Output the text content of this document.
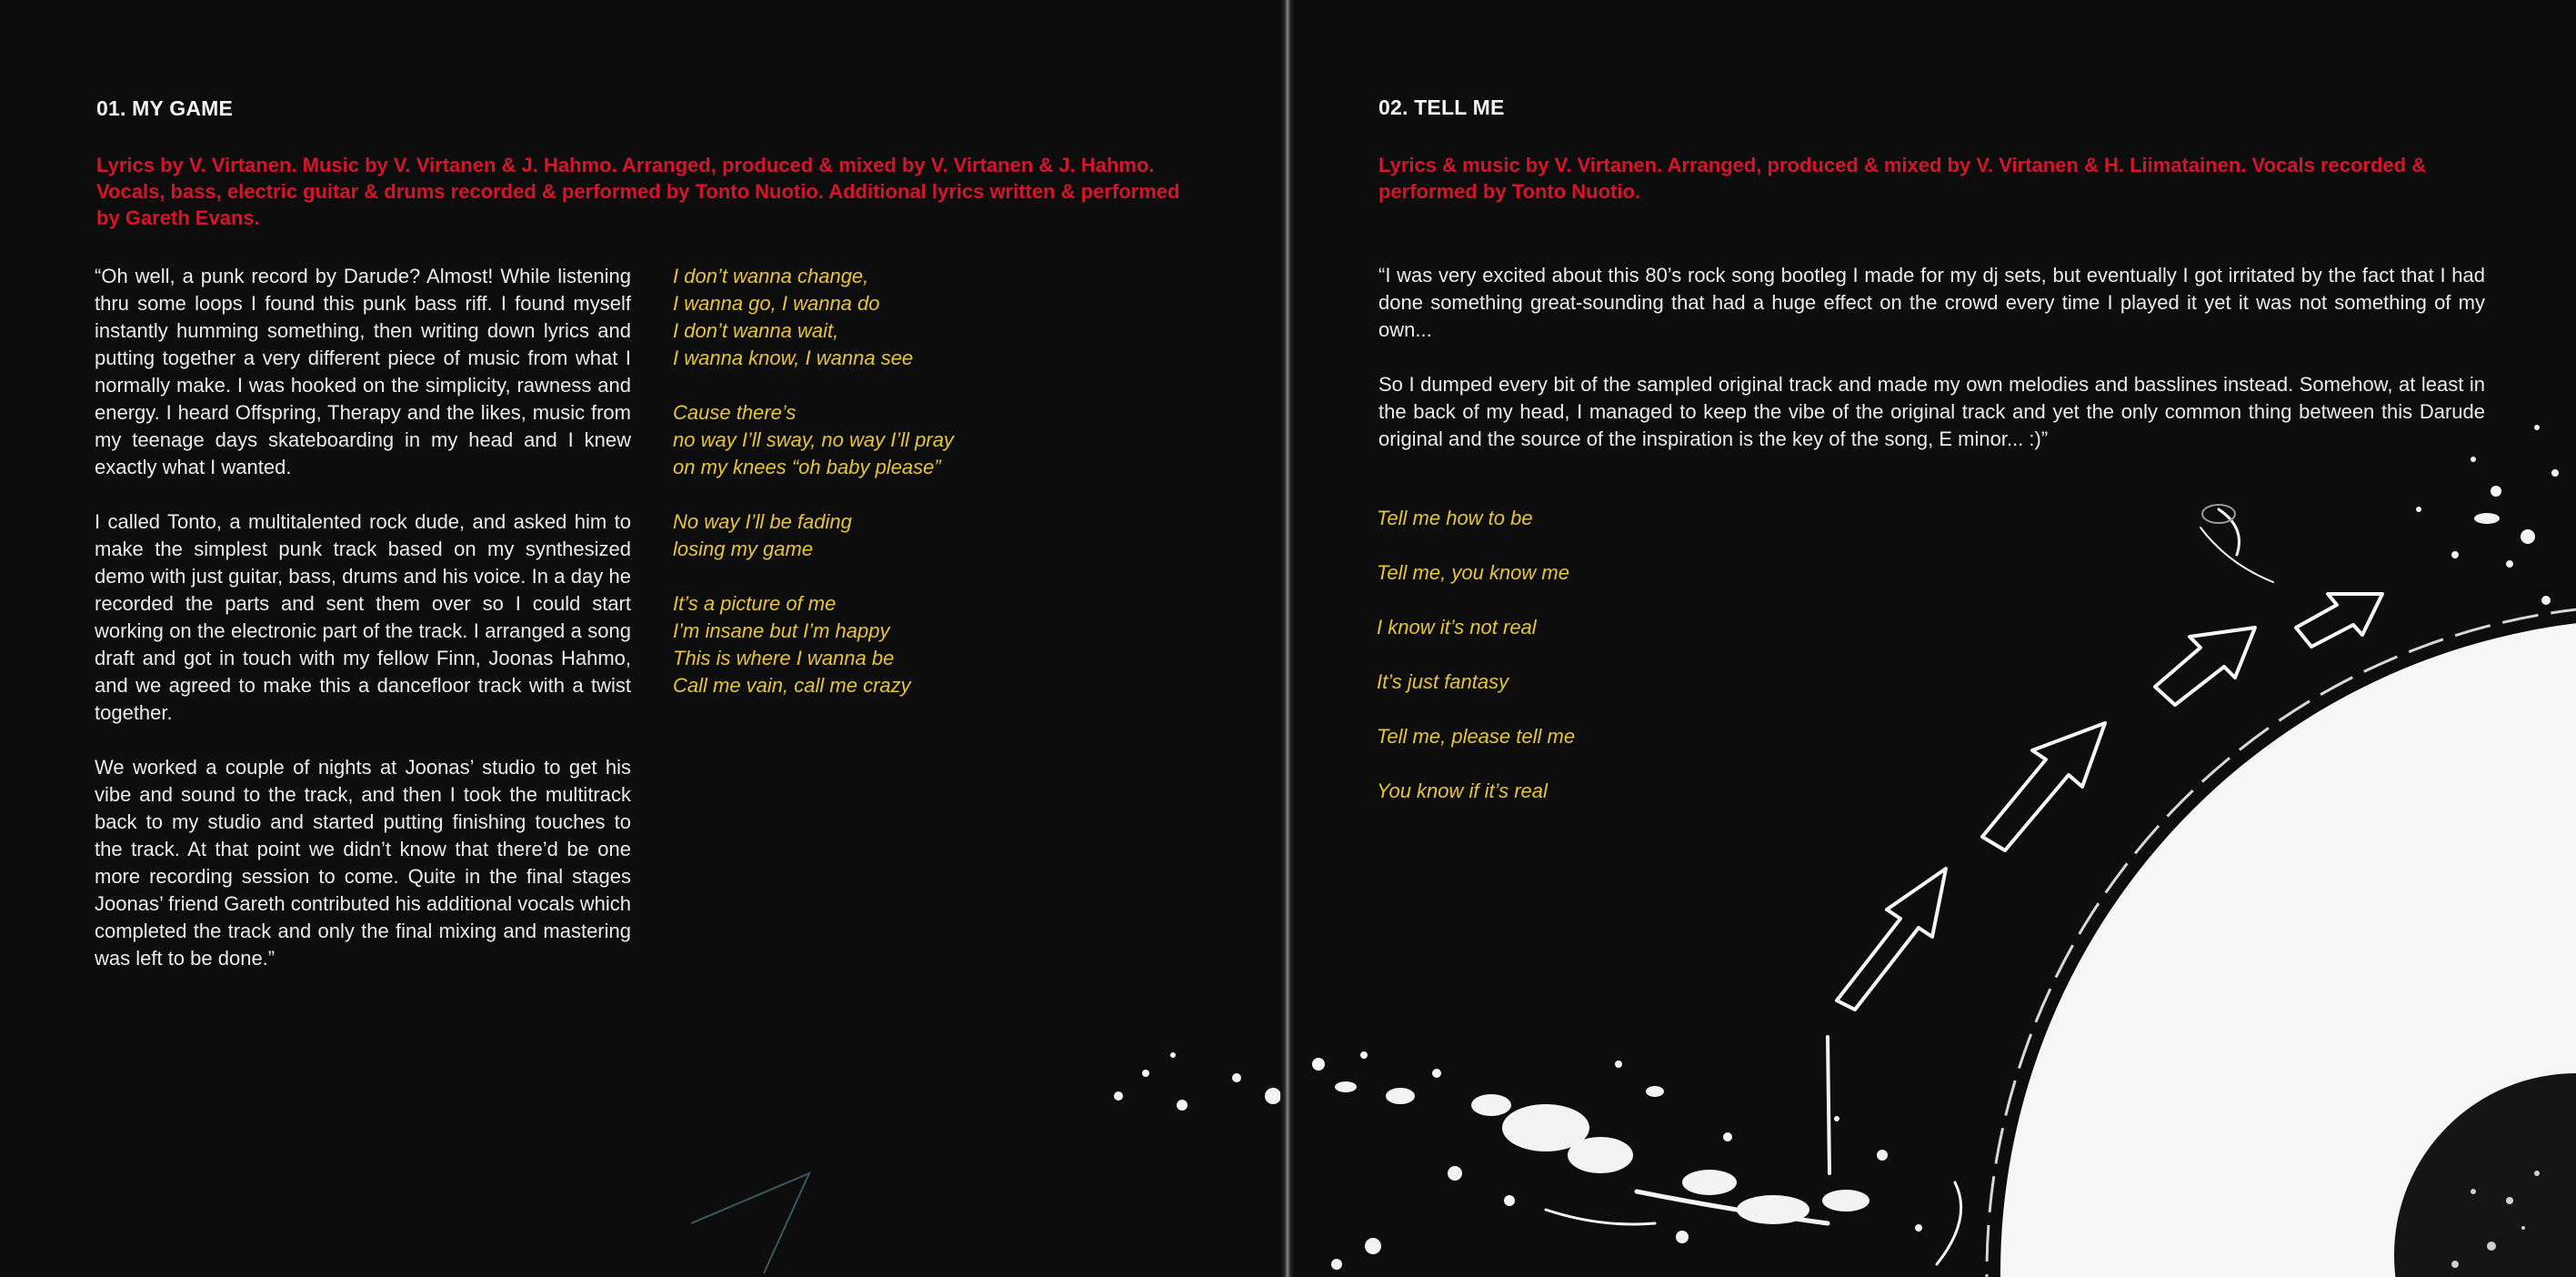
01. MY GAME
Lyrics by V. Virtanen. Music by V. Virtanen & J. Hahmo. Arranged, produced & mixed by V. Virtanen & J. Hahmo. Vocals, bass, electric guitar & drums recorded & performed by Tonto Nuotio. Additional lyrics written & performed by Gareth Evans.

“Oh well, a punk record by Darude? Almost! While listening thru some loops I found this punk bass riff. I found myself instantly humming something, then writing down lyrics and putting together a very different piece of music from what I normally make. I was hooked on the simplicity, rawness and energy. I heard Offspring, Therapy and the likes, music from my teenage days skateboarding in my head and I knew exactly what I wanted.

I called Tonto, a multitalented rock dude, and asked him to make the simplest punk track based on my synthesized demo with just guitar, bass, drums and his voice. In a day he recorded the parts and sent them over so I could start working on the electronic part of the track. I arranged a song draft and got in touch with my fellow Finn, Joonas Hahmo, and we agreed to make this a dancefloor track with a twist together.

We worked a couple of nights at Joonas’ studio to get his vibe and sound to the track, and then I took the multitrack back to my studio and started putting finishing touches to the track. At that point we didn’t know that there’d be one more recording session to come. Quite in the final stages Joonas’ friend Gareth contributed his additional vocals which completed the track and only the final mixing and mastering was left to be done.”

I don’t wanna change,
I wanna go, I wanna do
I don’t wanna wait,
I wanna know, I wanna see
Cause there’s
no way I’ll sway, no way I’ll pray
on my knees “oh baby please”
No way I’ll be fading
losing my game
It’s a picture of me
I’m insane but I’m happy
This is where I wanna be
Call me vain, call me crazy
02. TELL ME
Lyrics & music by V. Virtanen. Arranged, produced & mixed by V. Virtanen & H. Liimatainen. Vocals recorded & performed by Tonto Nuotio.

“I was very excited about this 80’s rock song bootleg I made for my dj sets, but eventually I got irritated by the fact that I had done something great-sounding that had a huge effect on the crowd every time I played it yet it was not something of my own...

So I dumped every bit of the sampled original track and made my own melodies and basslines instead. Somehow, at least in the back of my head, I managed to keep the vibe of the original track and yet the only common thing between this Darude original and the source of the inspiration is the key of the song, E minor... :)”

Tell me how to be
Tell me, you know me
I know it’s not real
It’s just fantasy
Tell me, please tell me
You know if it’s real
